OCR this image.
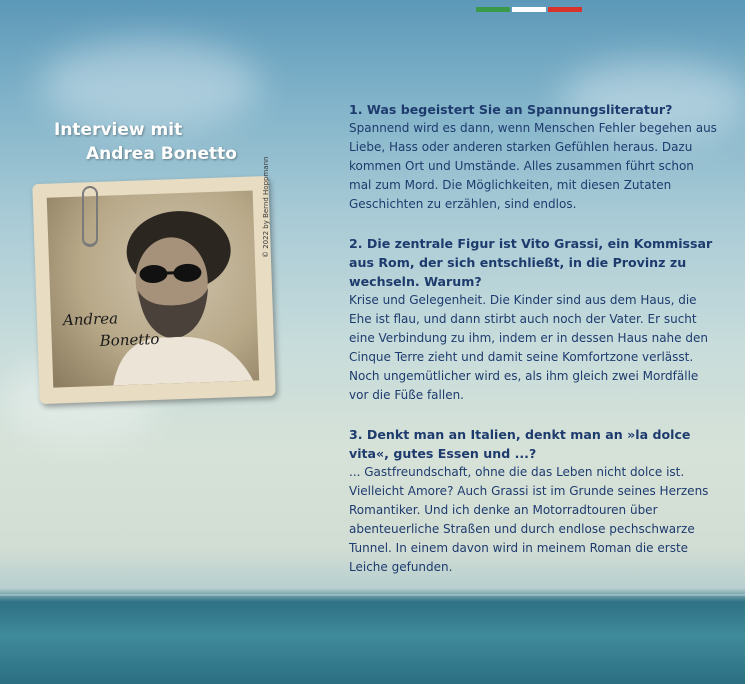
Interview mit
Andrea Bonetto
Andrea
Bonetto
© 2022 by Bernd Hoppmann

1. Was begeistert Sie an Spannungsliteratur?

Spannend wird es dann, wenn Menschen Fehler begehen aus Liebe, Hass oder anderen starken Gefühlen heraus. Dazu kommen Ort und Umstände. Alles zusammen führt schon mal zum Mord. Die Möglichkeiten, mit diesen Zutaten Geschichten zu erzählen, sind endlos.

2. Die zentrale Figur ist Vito Grassi, ein Kommissar aus Rom, der sich entschließt, in die Provinz zu wechseln. Warum?

Krise und Gelegenheit. Die Kinder sind aus dem Haus, die Ehe ist flau, und dann stirbt auch noch der Vater. Er sucht eine Verbindung zu ihm, indem er in dessen Haus nahe den Cinque Terre zieht und damit seine Komfortzone verlässt. Noch ungemütlicher wird es, als ihm gleich zwei Mordfälle vor die Füße fallen.

3. Denkt man an Italien, denkt man an »la dolce vita«, gutes Essen und ...?

... Gastfreundschaft, ohne die das Leben nicht dolce ist. Vielleicht Amore? Auch Grassi ist im Grunde seines Herzens Romantiker. Und ich denke an Motorradtouren über abenteuerliche Straßen und durch endlose pechschwarze Tunnel. In einem davon wird in meinem Roman die erste Leiche gefunden.
